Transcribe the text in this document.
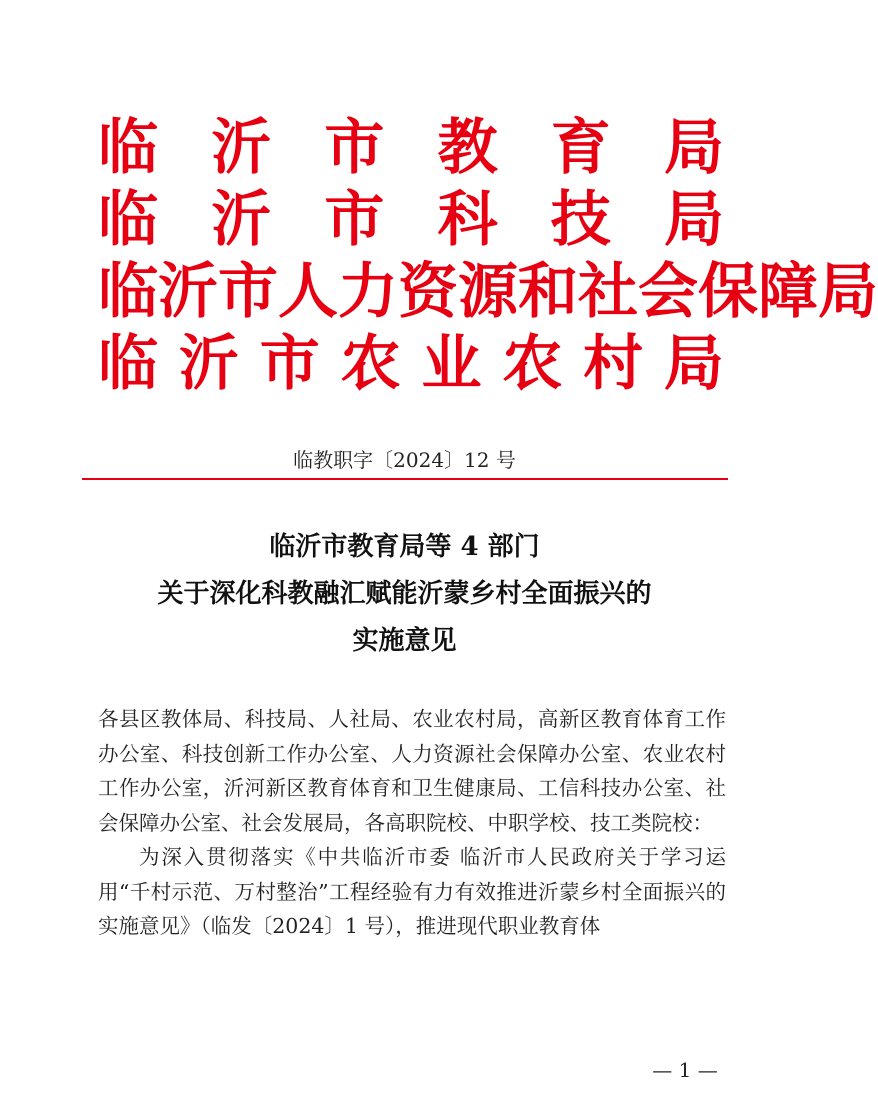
临 沂 市 教 育 局
临 沂 市 科 技 局
临 沂 市 人 力 资 源 和 社 会 保 障 局
临 沂 市 农 业 农 村 局
临教职字〔2024〕12 号
临沂市教育局等 4 部门
关于深化科教融汇赋能沂蒙乡村全面振兴的
实施意见

各县区教体局、科技局、人社局、农业农村局，高新区教育体育工作办公室、科技创新工作办公室、人力资源社会保障办公室、农业农村工作办公室，沂河新区教育体育和卫生健康局、工信科技办公室、社会保障办公室、社会发展局，各高职院校、中职学校、技工类院校：

为深入贯彻落实《中共临沂市委 临沂市人民政府关于学习运用“千村示范、万村整治”工程经验有力有效推进沂蒙乡村全面振兴的实施意见》（临发〔2024〕1 号），推进现代职业教育体

— 1 —
